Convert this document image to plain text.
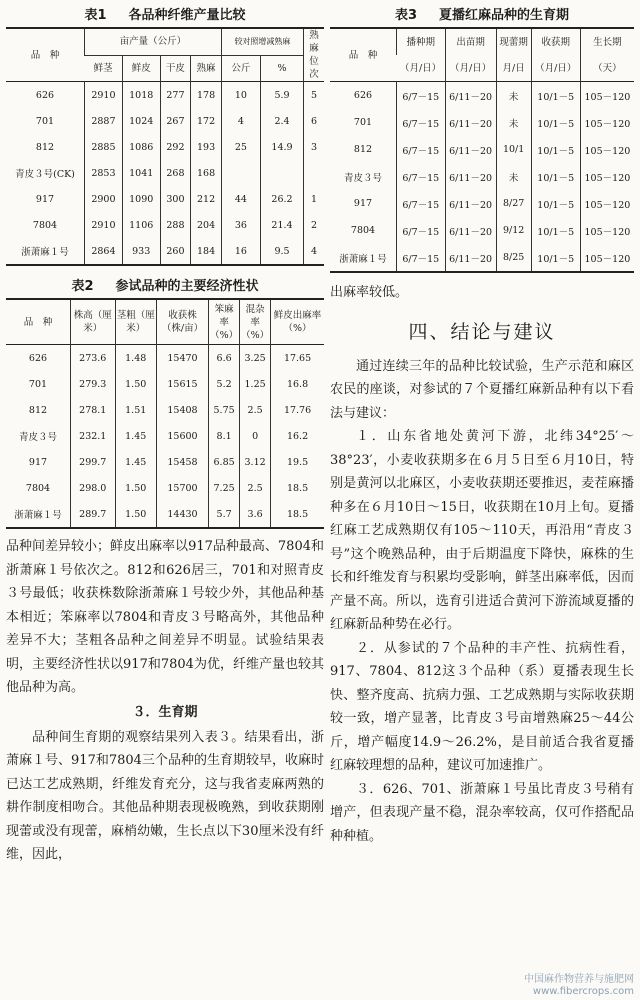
表1 各品种纤维产量比较
品　种	亩产量（公斤）				较对照增减熟麻		熟麻位次
	鲜茎	鲜皮	干皮	熟麻	公斤	%	
626	2910	1018	277	178	10	5.9	5
701	2887	1024	267	172	4	2.4	6
812	2885	1086	292	193	25	14.9	3
青皮３号(CK)	2853	1041	268	168			
917	2900	1090	300	212	44	26.2	1
7804	2910	1106	288	204	36	21.4	2
浙萧麻１号	2864	933	260	184	16	9.5	4
表2 参试品种的主要经济性状
品　种	株高（厘米）	茎粗（厘米）	收获株（株/亩）	笨麻率（%）	混杂率（%）	鲜皮出麻率（%）
626	273.6	1.48	15470	6.6	3.25	17.65
701	279.3	1.50	15615	5.2	1.25	16.8
812	278.1	1.51	15408	5.75	2.5	17.76
青皮３号	232.1	1.45	15600	8.1	0	16.2
917	299.7	1.45	15458	6.85	3.12	19.5
7804	298.0	1.50	15700	7.25	2.5	18.5
浙萧麻１号	289.7	1.50	14430	5.7	3.6	18.5

品种间差异较小；鲜皮出麻率以917品种最高、7804和浙萧麻１号依次之。812和626居三，701和对照青皮３号最低；收获株数除浙萧麻１号较少外，其他品种基本相近；笨麻率以7804和青皮３号略高外，其他品种差异不大；茎粗各品种之间差异不明显。试验结果表明，主要经济性状以917和7804为优，纤维产量也较其他品种为高。

３．生育期

品种间生育期的观察结果列入表３。结果看出，浙萧麻１号、917和7804三个品种的生育期较早，收麻时已达工艺成熟期，纤维发育充分，这与我省麦麻两熟的耕作制度相吻合。其他品种期表现极晚熟，到收获期刚现蕾或没有现蕾，麻梢幼嫩，生长点以下30厘米没有纤维，因此，

表3 夏播红麻品种的生育期
品　种	播种期	出苗期	现蕾期	收获期	生长期
	（月/日）	（月/日）	月/日	（月/日）	（天）
626	6/7－15	6/11－20	未	10/1－5	105－120
701	6/7－15	6/11－20	未	10/1－5	105－120
812	6/7－15	6/11－20	10/1	10/1－5	105－120
青皮３号	6/7－15	6/11－20	未	10/1－5	105－120
917	6/7－15	6/11－20	8/27	10/1－5	105－120
7804	6/7－15	6/11－20	9/12	10/1－5	105－120
浙萧麻１号	6/7－15	6/11－20	8/25	10/1－5	105－120

出麻率较低。

四、结论与建议

通过连续三年的品种比较试验，生产示范和麻区农民的座谈，对参试的７个夏播红麻新品种有以下看法与建议：

１．山东省地处黄河下游，北纬34°25′～38°23′，小麦收获期多在６月５日至６月10日，特别是黄河以北麻区，小麦收获期还要推迟，麦茬麻播种多在６月10日～15日，收获期在10月上旬。夏播红麻工艺成熟期仅有105～110天，再沿用“青皮３号”这个晚熟品种，由于后期温度下降快，麻株的生长和纤维发育与积累均受影响，鲜茎出麻率低，因而产量不高。所以，选育引进适合黄河下游流域夏播的红麻新品种势在必行。

２．从参试的７个品种的丰产性、抗病性看，917、7804、812这３个品种（系）夏播表现生长快、整齐度高、抗病力强、工艺成熟期与实际收获期较一致，增产显著，比青皮３号亩增熟麻25～44公斤，增产幅度14.9～26.2%，是目前适合我省夏播红麻较理想的品种，建议可加速推广。

３．626、701、浙萧麻１号虽比青皮３号稍有增产，但表现产量不稳，混杂率较高，仅可作搭配品种种植。

中国麻作物营养与施肥网
www.fibercrops.com
